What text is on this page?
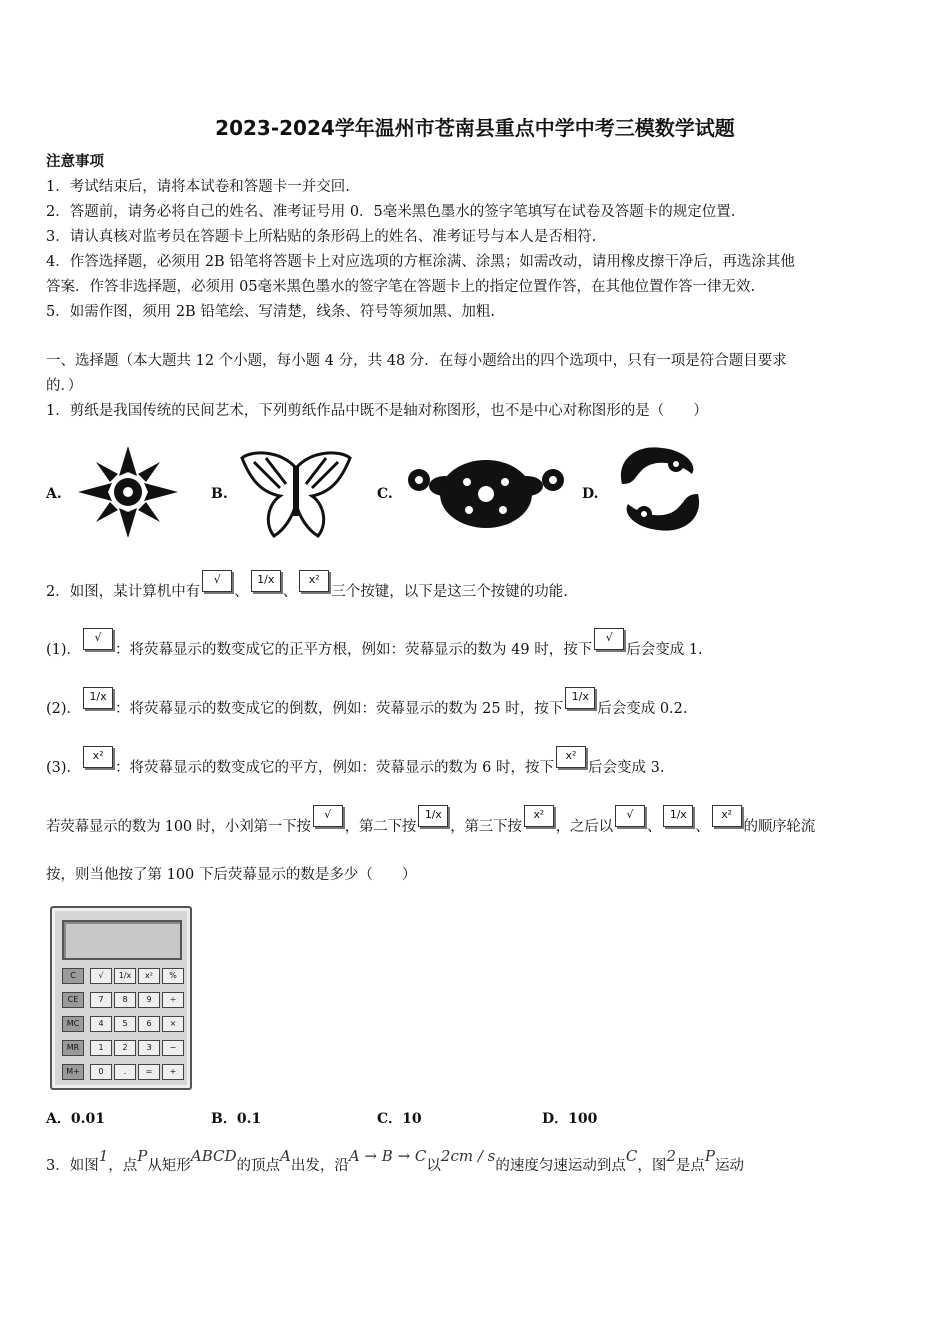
2023-2024学年温州市苍南县重点中学中考三模数学试题
注意事项
1．考试结束后，请将本试卷和答题卡一并交回.
2．答题前，请务必将自己的姓名、准考证号用 0．5毫米黑色墨水的签字笔填写在试卷及答题卡的规定位置.
3．请认真核对监考员在答题卡上所粘贴的条形码上的姓名、准考证号与本人是否相符.
4．作答选择题，必须用 2B 铅笔将答题卡上对应选项的方框涂满、涂黑；如需改动，请用橡皮擦干净后，再选涂其他
答案．作答非选择题，必须用 05毫米黑色墨水的签字笔在答题卡上的指定位置作答，在其他位置作答一律无效.
5．如需作图，须用 2B 铅笔绘、写清楚，线条、符号等须加黑、加粗.
一、选择题（本大题共 12 个小题，每小题 4 分，共 48 分．在每小题给出的四个选项中，只有一项是符合题目要求
的．）
1．剪纸是我国传统的民间艺术，下列剪纸作品中既不是轴对称图形，也不是中心对称图形的是（　　）
A.	B.	C.	D.
2．如图，某计算机中有√、1/x、x²三个按键，以下是这三个按键的功能.
(1)．√：将荧幕显示的数变成它的正平方根，例如：荧幕显示的数为 49 时，按下√后会变成 1.
(2)．1/x：将荧幕显示的数变成它的倒数，例如：荧幕显示的数为 25 时，按下1/x后会变成 0.2.
(3)．x²：将荧幕显示的数变成它的平方，例如：荧幕显示的数为 6 时，按下x²后会变成 3.
若荧幕显示的数为 100 时，小刘第一下按√，第二下按1/x，第三下按x²，之后以√、1/x、x²的顺序轮流
按，则当他按了第 100 下后荧幕显示的数是多少（　　）
C	√	1/x	x²	%
CE	7	8	9	÷
MC	4	5	6	×
MR	1	2	3	−
M+	0	.	=	+
A．0.01	B．0.1	C．10	D．100
3．如图1，点P从矩形ABCD的顶点A出发，沿A → B → C以2cm / s的速度匀速运动到点C，图2是点P运动
